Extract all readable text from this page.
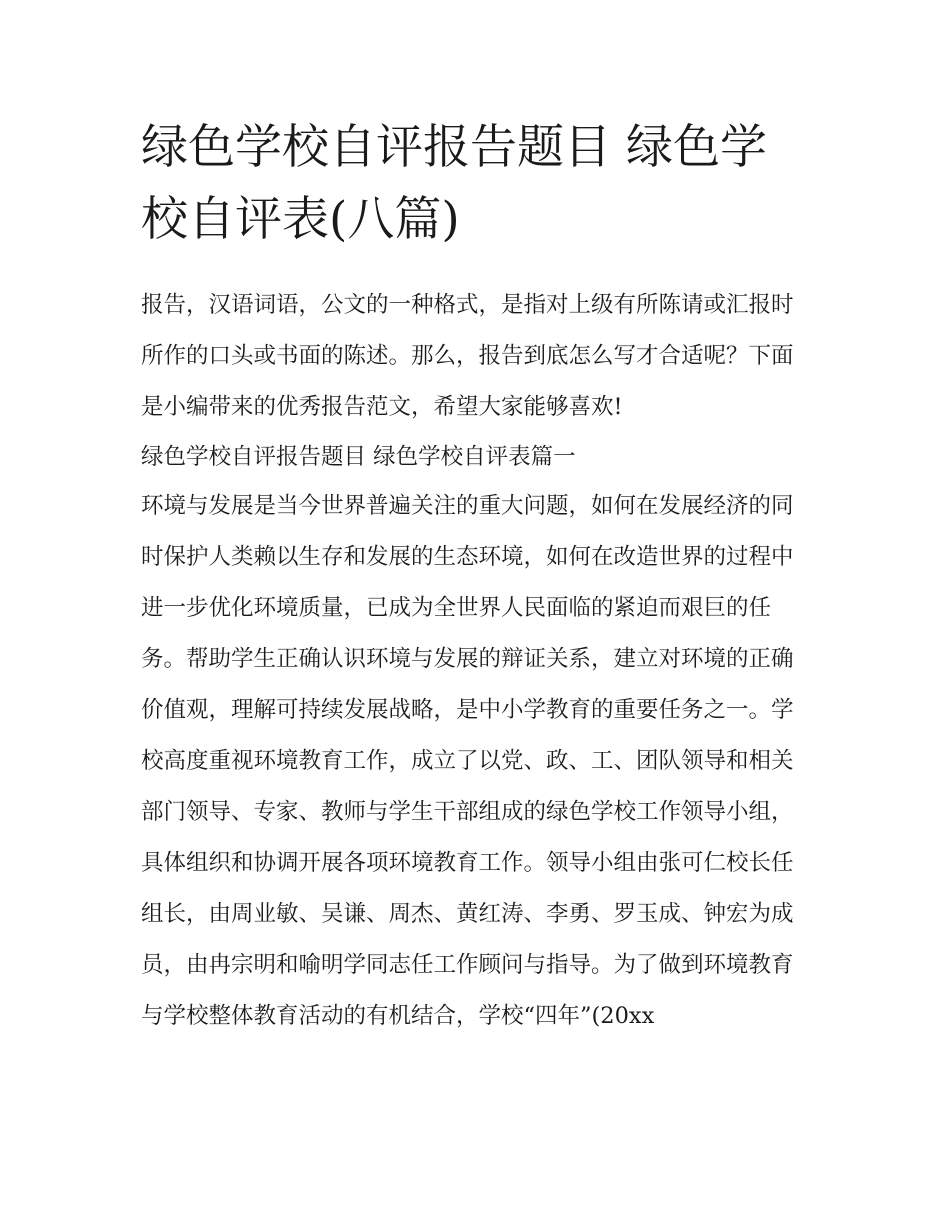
绿色学校自评报告题目 绿色学校自评表(八篇)

报告，汉语词语，公文的一种格式，是指对上级有所陈请或汇报时所作的口头或书面的陈述。那么，报告到底怎么写才合适呢？下面是小编带来的优秀报告范文，希望大家能够喜欢!

绿色学校自评报告题目 绿色学校自评表篇一

环境与发展是当今世界普遍关注的重大问题，如何在发展经济的同时保护人类赖以生存和发展的生态环境，如何在改造世界的过程中进一步优化环境质量，已成为全世界人民面临的紧迫而艰巨的任务。帮助学生正确认识环境与发展的辩证关系，建立对环境的正确价值观，理解可持续发展战略，是中小学教育的重要任务之一。学校高度重视环境教育工作，成立了以党、政、工、团队领导和相关部门领导、专家、教师与学生干部组成的绿色学校工作领导小组，具体组织和协调开展各项环境教育工作。领导小组由张可仁校长任组长，由周业敏、吴谦、周杰、黄红涛、李勇、罗玉成、钟宏为成员，由冉宗明和喻明学同志任工作顾问与指导。为了做到环境教育与学校整体教育活动的有机结合，学校“四年”(20xx
